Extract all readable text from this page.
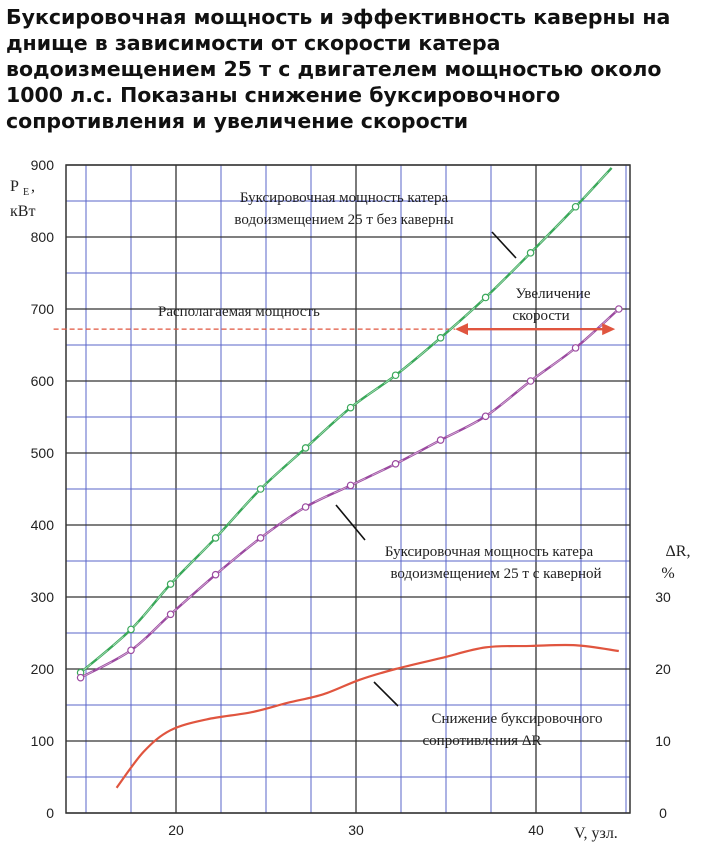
Буксировочная мощность и эффективность каверны на днище в зависимости от скорости катера водоизмещением 25 т с двигателем мощностью около 1000 л.с. Показаны снижение буксировочного сопротивления и увеличение скорости
P E ,
кВт
ΔR,
%
V, узл.
0
100
200
300
400
500
600
700
800
900
20	30	40
0
10
20
30
Буксировочная мощность катера
водоизмещением 25 т без каверны
Буксировочная мощность катера
водоизмещением 25 т с каверной
Снижение буксировочного
сопротивления ΔR
Располагаемая мощность
Увеличение
скорости
